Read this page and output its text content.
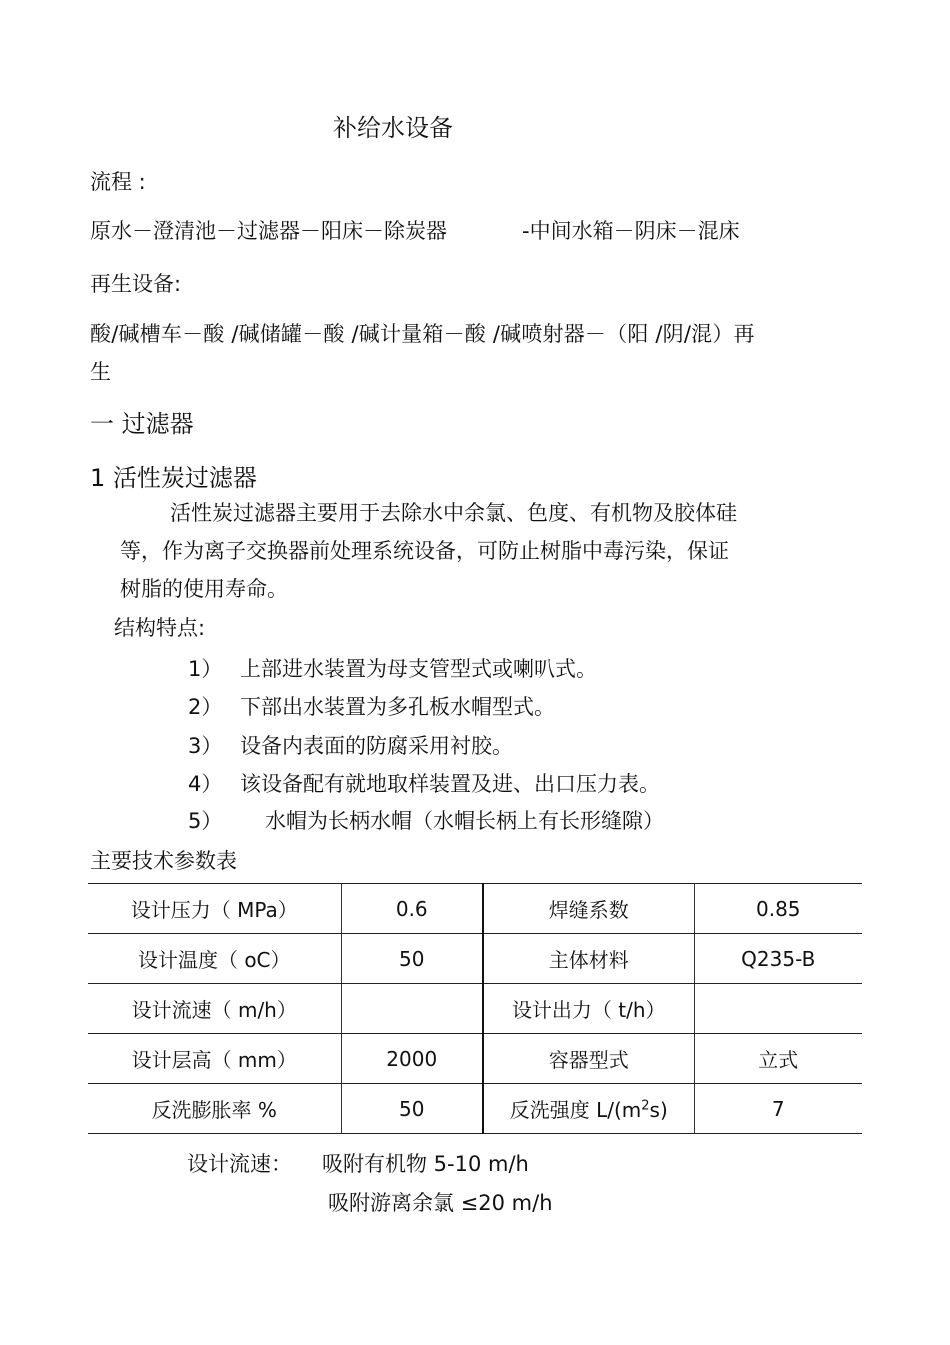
补给水设备
流程 :
原水－澄清池－过滤器－阳床－除炭器	-中间水箱－阴床－混床
再生设备:
酸/碱槽车－酸 /碱储罐－酸 /碱计量箱－酸 /碱喷射器－（阳 /阴/混）再
生
一 过滤器
1 活性炭过滤器
活性炭过滤器主要用于去除水中余氯、色度、有机物及胶体硅
等，作为离子交换器前处理系统设备，可防止树脂中毒污染，保证
树脂的使用寿命。
结构特点:
1） 上部进水装置为母支管型式或喇叭式。
2） 下部出水装置为多孔板水帽型式。
3） 设备内表面的防腐采用衬胶。
4） 该设备配有就地取样装置及进、出口压力表。
5） 水帽为长柄水帽（水帽长柄上有长形缝隙）
主要技术参数表
设计压力（ MPa）	0.6	焊缝系数	0.85
设计温度（ oC）	50	主体材料	Q235-B
设计流速（ m/h）		设计出力（ t/h）	
设计层高（ mm）	2000	容器型式	立式
反洗膨胀率 %	50	反洗强度 $L/(m^2s)$	7
设计流速： 吸附有机物 5-10 m/h
吸附游离余氯 ≤20 m/h
